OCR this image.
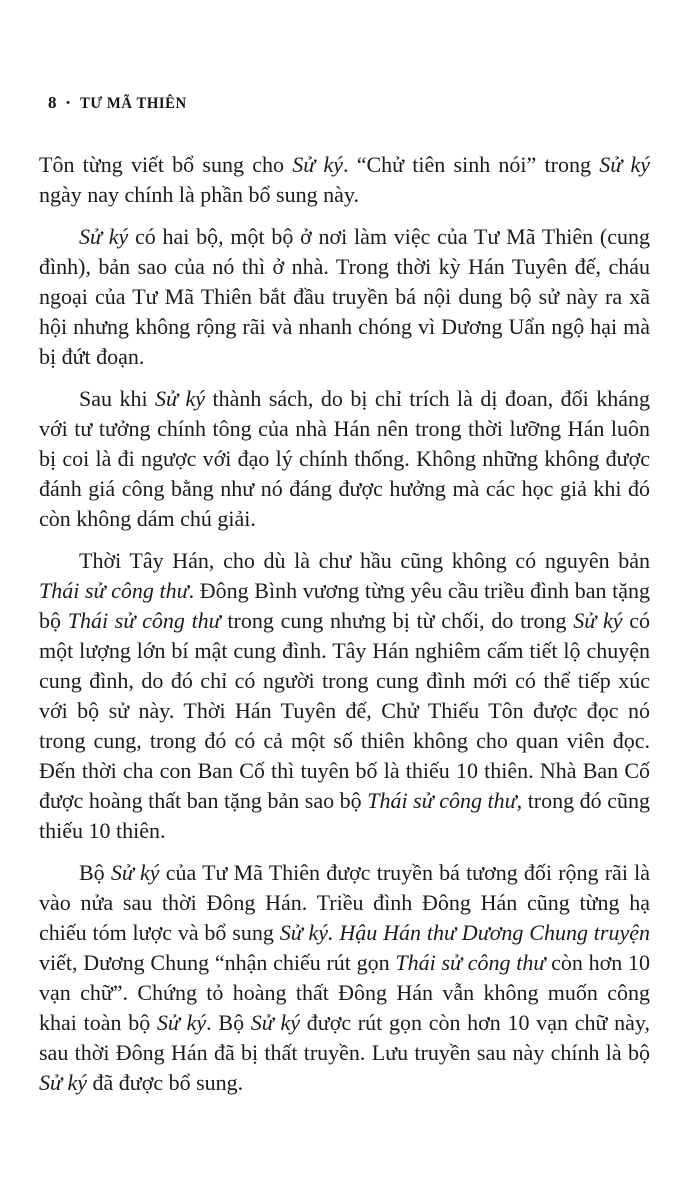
8 • TƯ MÃ THIÊN

Tôn từng viết bổ sung cho Sử ký. “Chử tiên sinh nói” trong Sử ký ngày nay chính là phần bổ sung này.

Sử ký có hai bộ, một bộ ở nơi làm việc của Tư Mã Thiên (cung đình), bản sao của nó thì ở nhà. Trong thời kỳ Hán Tuyên đế, cháu ngoại của Tư Mã Thiên bắt đầu truyền bá nội dung bộ sử này ra xã hội nhưng không rộng rãi và nhanh chóng vì Dương Uẩn ngộ hại mà bị đứt đoạn.

Sau khi Sử ký thành sách, do bị chỉ trích là dị đoan, đối kháng với tư tưởng chính tông của nhà Hán nên trong thời lưỡng Hán luôn bị coi là đi ngược với đạo lý chính thống. Không những không được đánh giá công bằng như nó đáng được hưởng mà các học giả khi đó còn không dám chú giải.

Thời Tây Hán, cho dù là chư hầu cũng không có nguyên bản Thái sử công thư. Đông Bình vương từng yêu cầu triều đình ban tặng bộ Thái sử công thư trong cung nhưng bị từ chối, do trong Sử ký có một lượng lớn bí mật cung đình. Tây Hán nghiêm cấm tiết lộ chuyện cung đình, do đó chỉ có người trong cung đình mới có thể tiếp xúc với bộ sử này. Thời Hán Tuyên đế, Chử Thiếu Tôn được đọc nó trong cung, trong đó có cả một số thiên không cho quan viên đọc. Đến thời cha con Ban Cố thì tuyên bố là thiếu 10 thiên. Nhà Ban Cố được hoàng thất ban tặng bản sao bộ Thái sử công thư, trong đó cũng thiếu 10 thiên.

Bộ Sử ký của Tư Mã Thiên được truyền bá tương đối rộng rãi là vào nửa sau thời Đông Hán. Triều đình Đông Hán cũng từng hạ chiếu tóm lược và bổ sung Sử ký. Hậu Hán thư Dương Chung truyện viết, Dương Chung “nhận chiếu rút gọn Thái sử công thư còn hơn 10 vạn chữ”. Chứng tỏ hoàng thất Đông Hán vẫn không muốn công khai toàn bộ Sử ký. Bộ Sử ký được rút gọn còn hơn 10 vạn chữ này, sau thời Đông Hán đã bị thất truyền. Lưu truyền sau này chính là bộ Sử ký đã được bổ sung.
